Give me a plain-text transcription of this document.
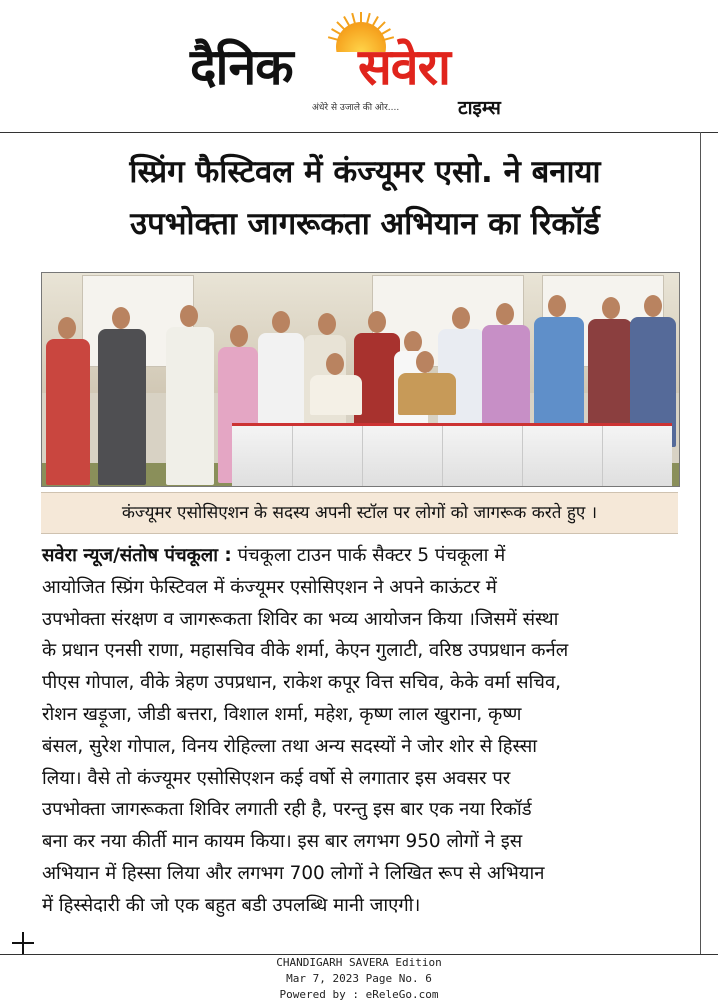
दैनिक सवेरा
अंधेरे से उजाले की ओर....	टाइम्स
स्प्रिंग फैस्टिवल में कंज्यूमर एसो. ने बनाया
उपभोक्ता जागरूकता अभियान का रिकॉर्ड
कंज्यूमर एसोसिएशन के सदस्य अपनी स्टॉल पर लोगों को जागरूक करते हुए ।
सवेरा न्यूज/संतोष पंचकूला : पंचकूला टाउन पार्क सैक्टर 5 पंचकूला में
आयोजित स्प्रिंग फेस्टिवल में कंज्यूमर एसोसिएशन ने अपने काऊंटर में
उपभोक्ता संरक्षण व जागरूकता शिविर का भव्य आयोजन किया ।जिसमें संस्था
के प्रधान एनसी राणा, महासचिव वीके शर्मा, केएन गुलाटी, वरिष्ठ उपप्रधान कर्नल
पीएस गोपाल, वीके त्रेहण उपप्रधान, राकेश कपूर वित्त सचिव, केके वर्मा सचिव,
रोशन खड़ूजा, जीडी बत्तरा, विशाल शर्मा, महेश, कृष्ण लाल खुराना, कृष्ण
बंसल, सुरेश गोपाल, विनय रोहिल्ला तथा अन्य सदस्यों ने जोर शोर से हिस्सा
लिया। वैसे तो कंज्यूमर एसोसिएशन कई वर्षो से लगातार इस अवसर पर
उपभोक्ता जागरूकता शिविर लगाती रही है, परन्तु इस बार एक नया रिकॉर्ड
बना कर नया कीर्ती मान कायम किया। इस बार लगभग 950 लोगों ने इस
अभियान में हिस्सा लिया और लगभग 700 लोगों ने लिखित रूप से अभियान
में हिस्सेदारी की जो एक बहुत बडी उपलब्धि मानी जाएगी।
CHANDIGARH SAVERA Edition
Mar 7, 2023 Page No. 6
Powered by : eReleGo.com
